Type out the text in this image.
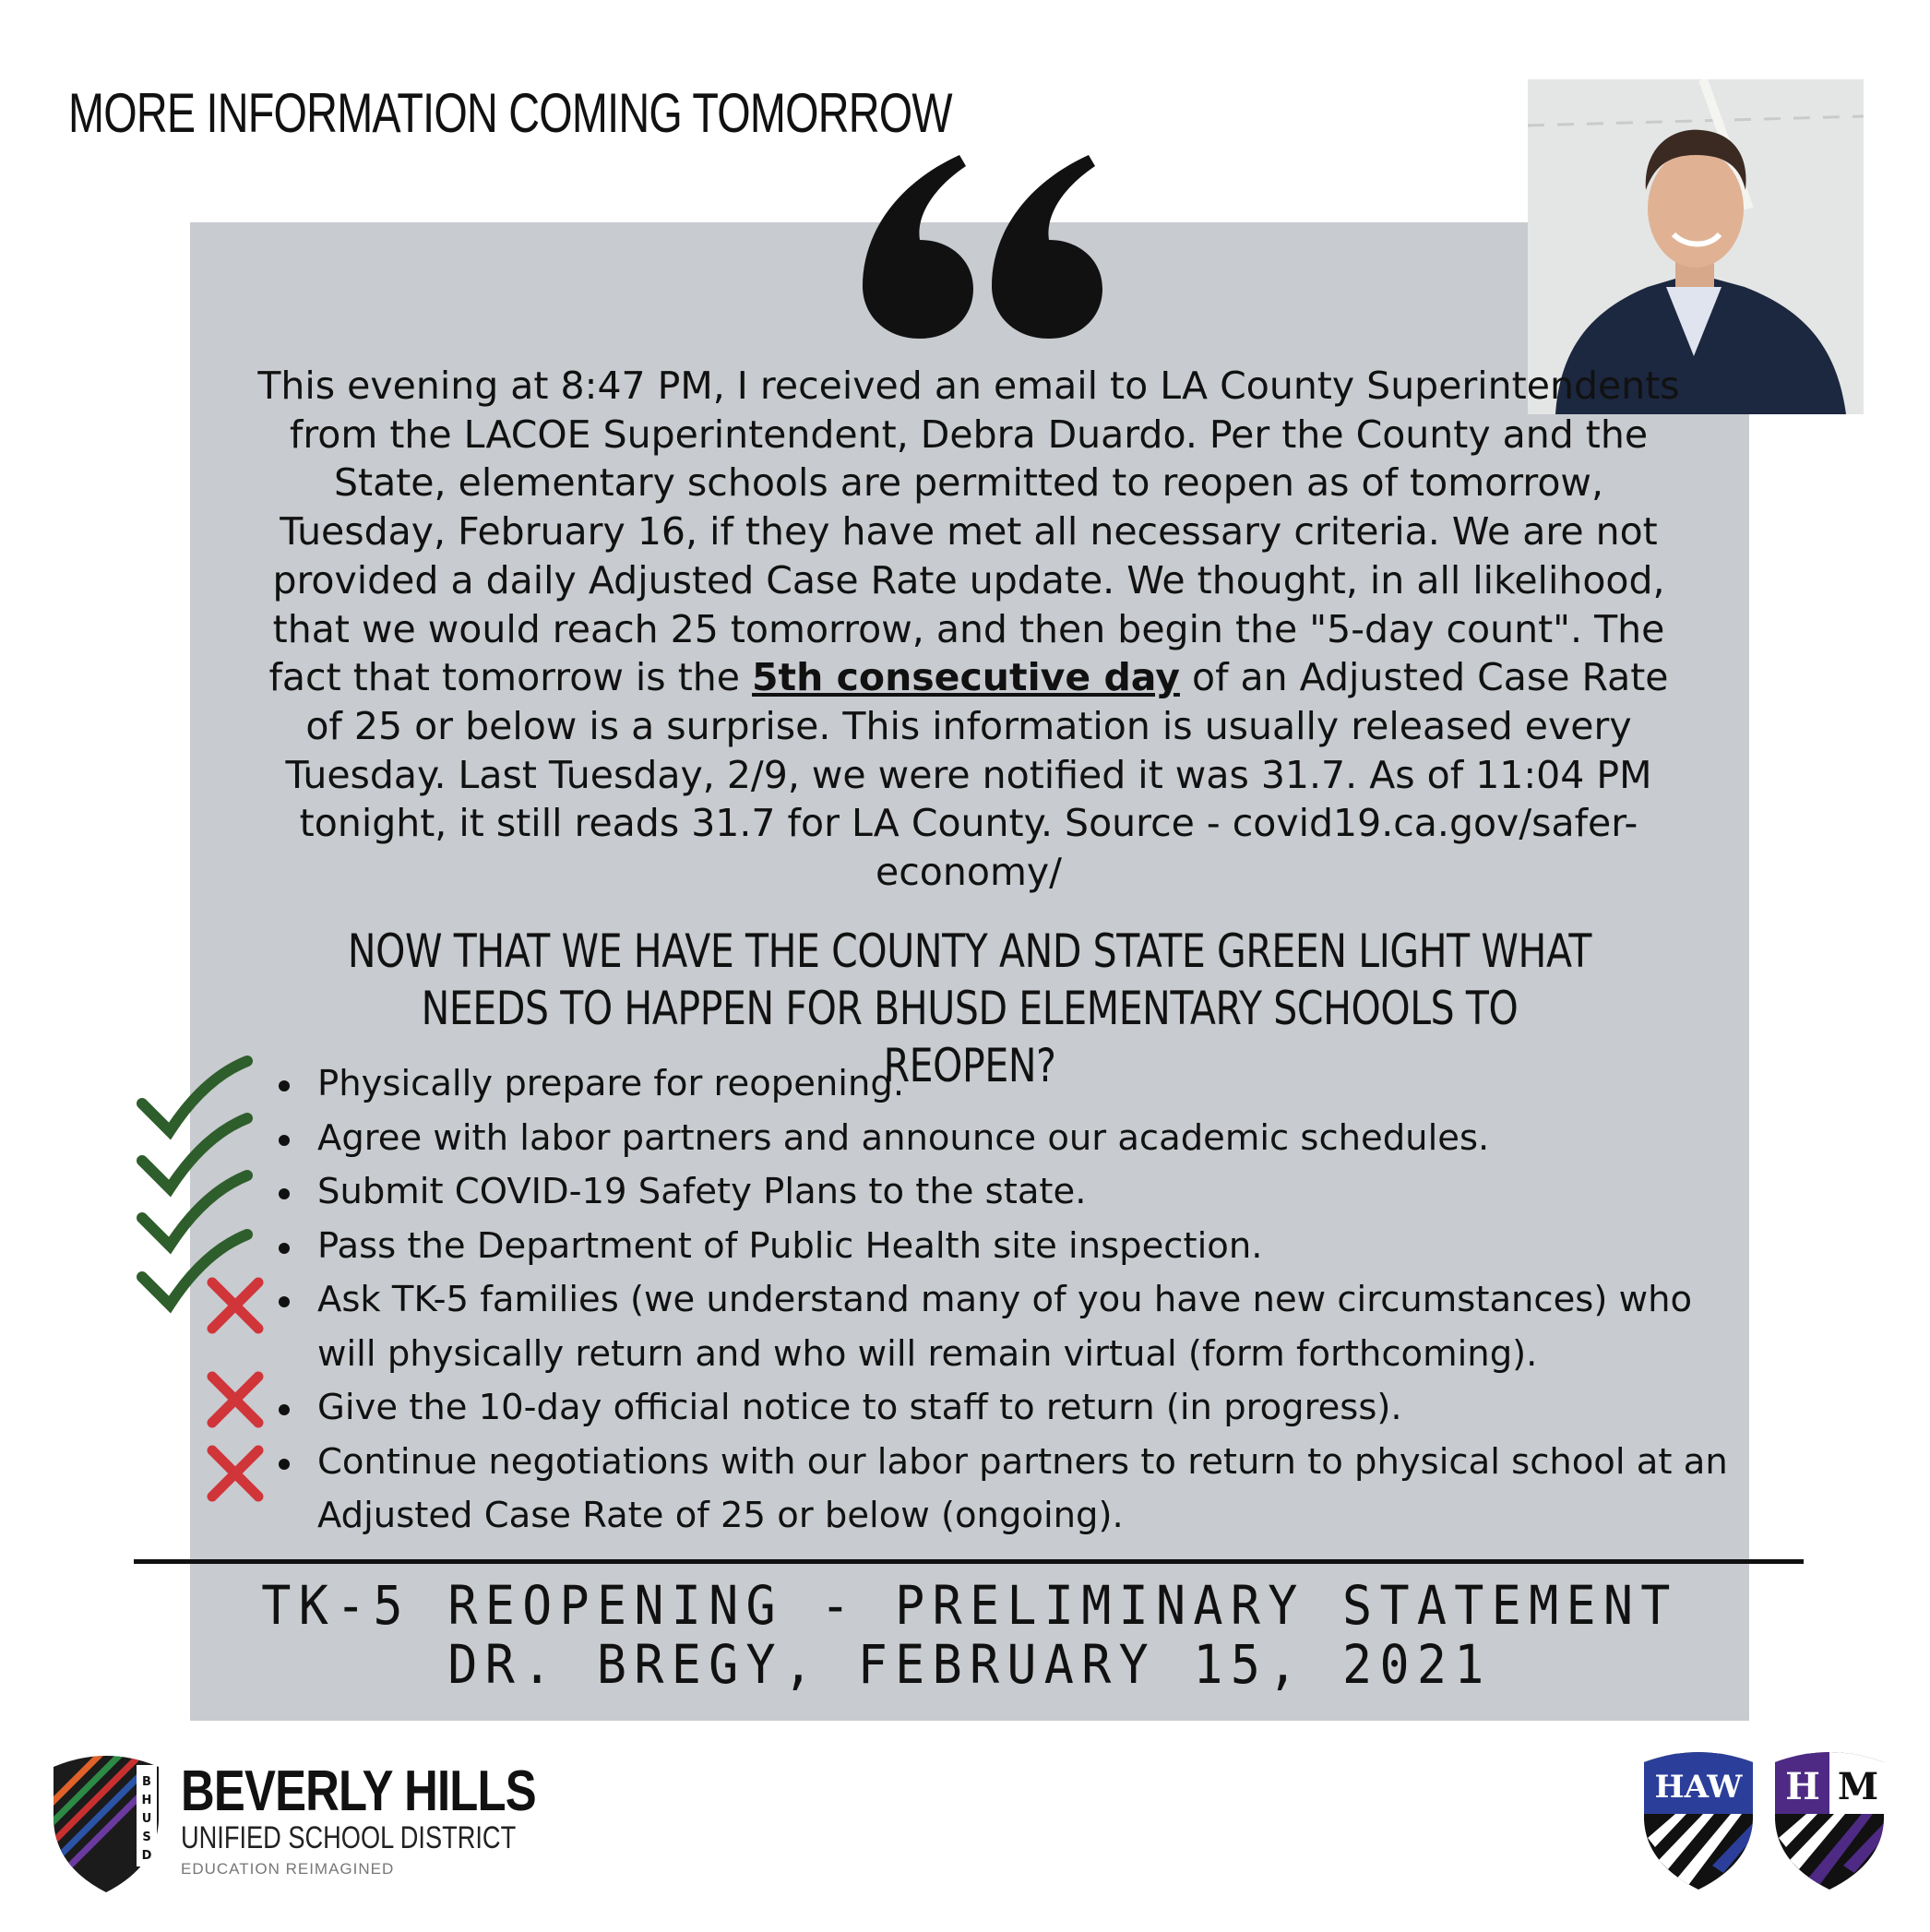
MORE INFORMATION COMING TOMORROW
This evening at 8:47 PM, I received an email to LA County Superintendents from the LACOE Superintendent, Debra Duardo. Per the County and the State, elementary schools are permitted to reopen as of tomorrow, Tuesday, February 16, if they have met all necessary criteria. We are not provided a daily Adjusted Case Rate update. We thought, in all likelihood, that we would reach 25 tomorrow, and then begin the "5-day count". The fact that tomorrow is the 5th consecutive day of an Adjusted Case Rate of 25 or below is a surprise. This information is usually released every Tuesday. Last Tuesday, 2/9, we were notified it was 31.7. As of 11:04 PM tonight, it still reads 31.7 for LA County. Source - covid19.ca.gov/safer-economy/
NOW THAT WE HAVE THE COUNTY AND STATE GREEN LIGHT WHAT NEEDS TO HAPPEN FOR BHUSD ELEMENTARY SCHOOLS TO REOPEN?
Physically prepare for reopening.
Agree with labor partners and announce our academic schedules.
Submit COVID-19 Safety Plans to the state.
Pass the Department of Public Health site inspection.
Ask TK-5 families (we understand many of you have new circumstances) who will physically return and who will remain virtual (form forthcoming).
Give the 10-day official notice to staff to return (in progress).
Continue negotiations with our labor partners to return to physical school at an Adjusted Case Rate of 25 or below (ongoing).
TK-5 REOPENING - PRELIMINARY STATEMENT
DR. BREGY, FEBRUARY 15, 2021
B
H
U
S
D
BEVERLY HILLS
UNIFIED SCHOOL DISTRICT
EDUCATION REIMAGINED
HAW H M
